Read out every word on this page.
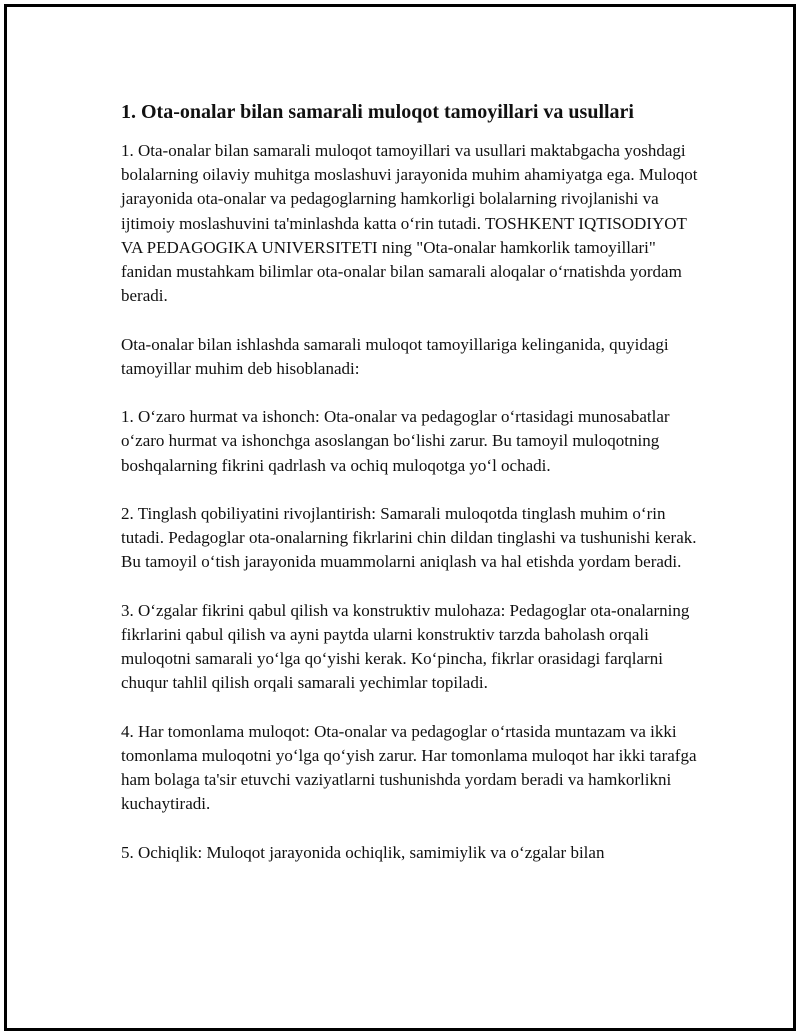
1. Ota-onalar bilan samarali muloqot tamoyillari va usullari

1. Ota-onalar bilan samarali muloqot tamoyillari va usullari maktabgacha yoshdagi bolalarning oilaviy muhitga moslashuvi jarayonida muhim ahamiyatga ega. Muloqot jarayonida ota-onalar va pedagoglarning hamkorligi bolalarning rivojlanishi va ijtimoiy moslashuvini ta'minlashda katta oʻrin tutadi. TOSHKENT IQTISODIYOT VA PEDAGOGIKA UNIVERSITETI ning "Ota-onalar hamkorlik tamoyillari" fanidan mustahkam bilimlar ota-onalar bilan samarali aloqalar oʻrnatishda yordam beradi.

Ota-onalar bilan ishlashda samarali muloqot tamoyillariga kelinganida, quyidagi tamoyillar muhim deb hisoblanadi:

1. Oʻzaro hurmat va ishonch: Ota-onalar va pedagoglar oʻrtasidagi munosabatlar oʻzaro hurmat va ishonchga asoslangan boʻlishi zarur. Bu tamoyil muloqotning boshqalarning fikrini qadrlash va ochiq muloqotga yoʻl ochadi.

2. Tinglash qobiliyatini rivojlantirish: Samarali muloqotda tinglash muhim oʻrin tutadi. Pedagoglar ota-onalarning fikrlarini chin dildan tinglashi va tushunishi kerak. Bu tamoyil oʻtish jarayonida muammolarni aniqlash va hal etishda yordam beradi.

3. Oʻzgalar fikrini qabul qilish va konstruktiv mulohaza: Pedagoglar ota-onalarning fikrlarini qabul qilish va ayni paytda ularni konstruktiv tarzda baholash orqali muloqotni samarali yoʻlga qoʻyishi kerak. Koʻpincha, fikrlar orasidagi farqlarni chuqur tahlil qilish orqali samarali yechimlar topiladi.

4. Har tomonlama muloqot: Ota-onalar va pedagoglar oʻrtasida muntazam va ikki tomonlama muloqotni yoʻlga qoʻyish zarur. Har tomonlama muloqot har ikki tarafga ham bolaga ta'sir etuvchi vaziyatlarni tushunishda yordam beradi va hamkorlikni kuchaytiradi.

5. Ochiqlik: Muloqot jarayonida ochiqlik, samimiylik va oʻzgalar bilan
